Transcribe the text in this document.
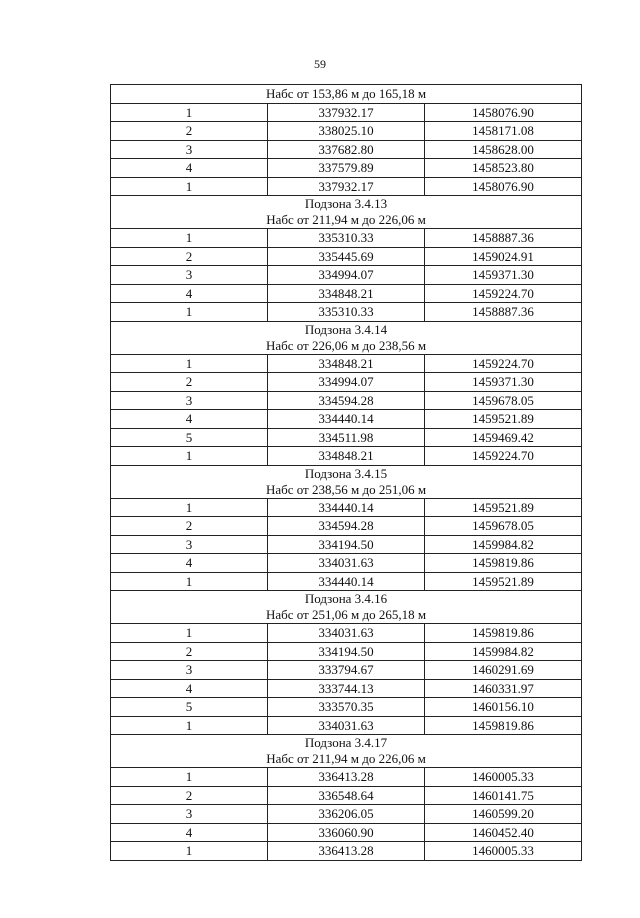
59
Набс от 153,86 м до 165,18 м		

1	337932.17	1458076.90
2	338025.10	1458171.08
3	337682.80	1458628.00
4	337579.89	1458523.80
1	337932.17	1458076.90

Подзона 3.4.13
Набс от 211,94 м до 226,06 м		

1	335310.33	1458887.36
2	335445.69	1459024.91
3	334994.07	1459371.30
4	334848.21	1459224.70
1	335310.33	1458887.36

Подзона 3.4.14
Набс от 226,06 м до 238,56 м		

1	334848.21	1459224.70
2	334994.07	1459371.30
3	334594.28	1459678.05
4	334440.14	1459521.89
5	334511.98	1459469.42
1	334848.21	1459224.70

Подзона 3.4.15
Набс от 238,56 м до 251,06 м		

1	334440.14	1459521.89
2	334594.28	1459678.05
3	334194.50	1459984.82
4	334031.63	1459819.86
1	334440.14	1459521.89

Подзона 3.4.16
Набс от 251,06 м до 265,18 м		

1	334031.63	1459819.86
2	334194.50	1459984.82
3	333794.67	1460291.69
4	333744.13	1460331.97
5	333570.35	1460156.10
1	334031.63	1459819.86

Подзона 3.4.17
Набс от 211,94 м до 226,06 м		

1	336413.28	1460005.33
2	336548.64	1460141.75
3	336206.05	1460599.20
4	336060.90	1460452.40
1	336413.28	1460005.33
